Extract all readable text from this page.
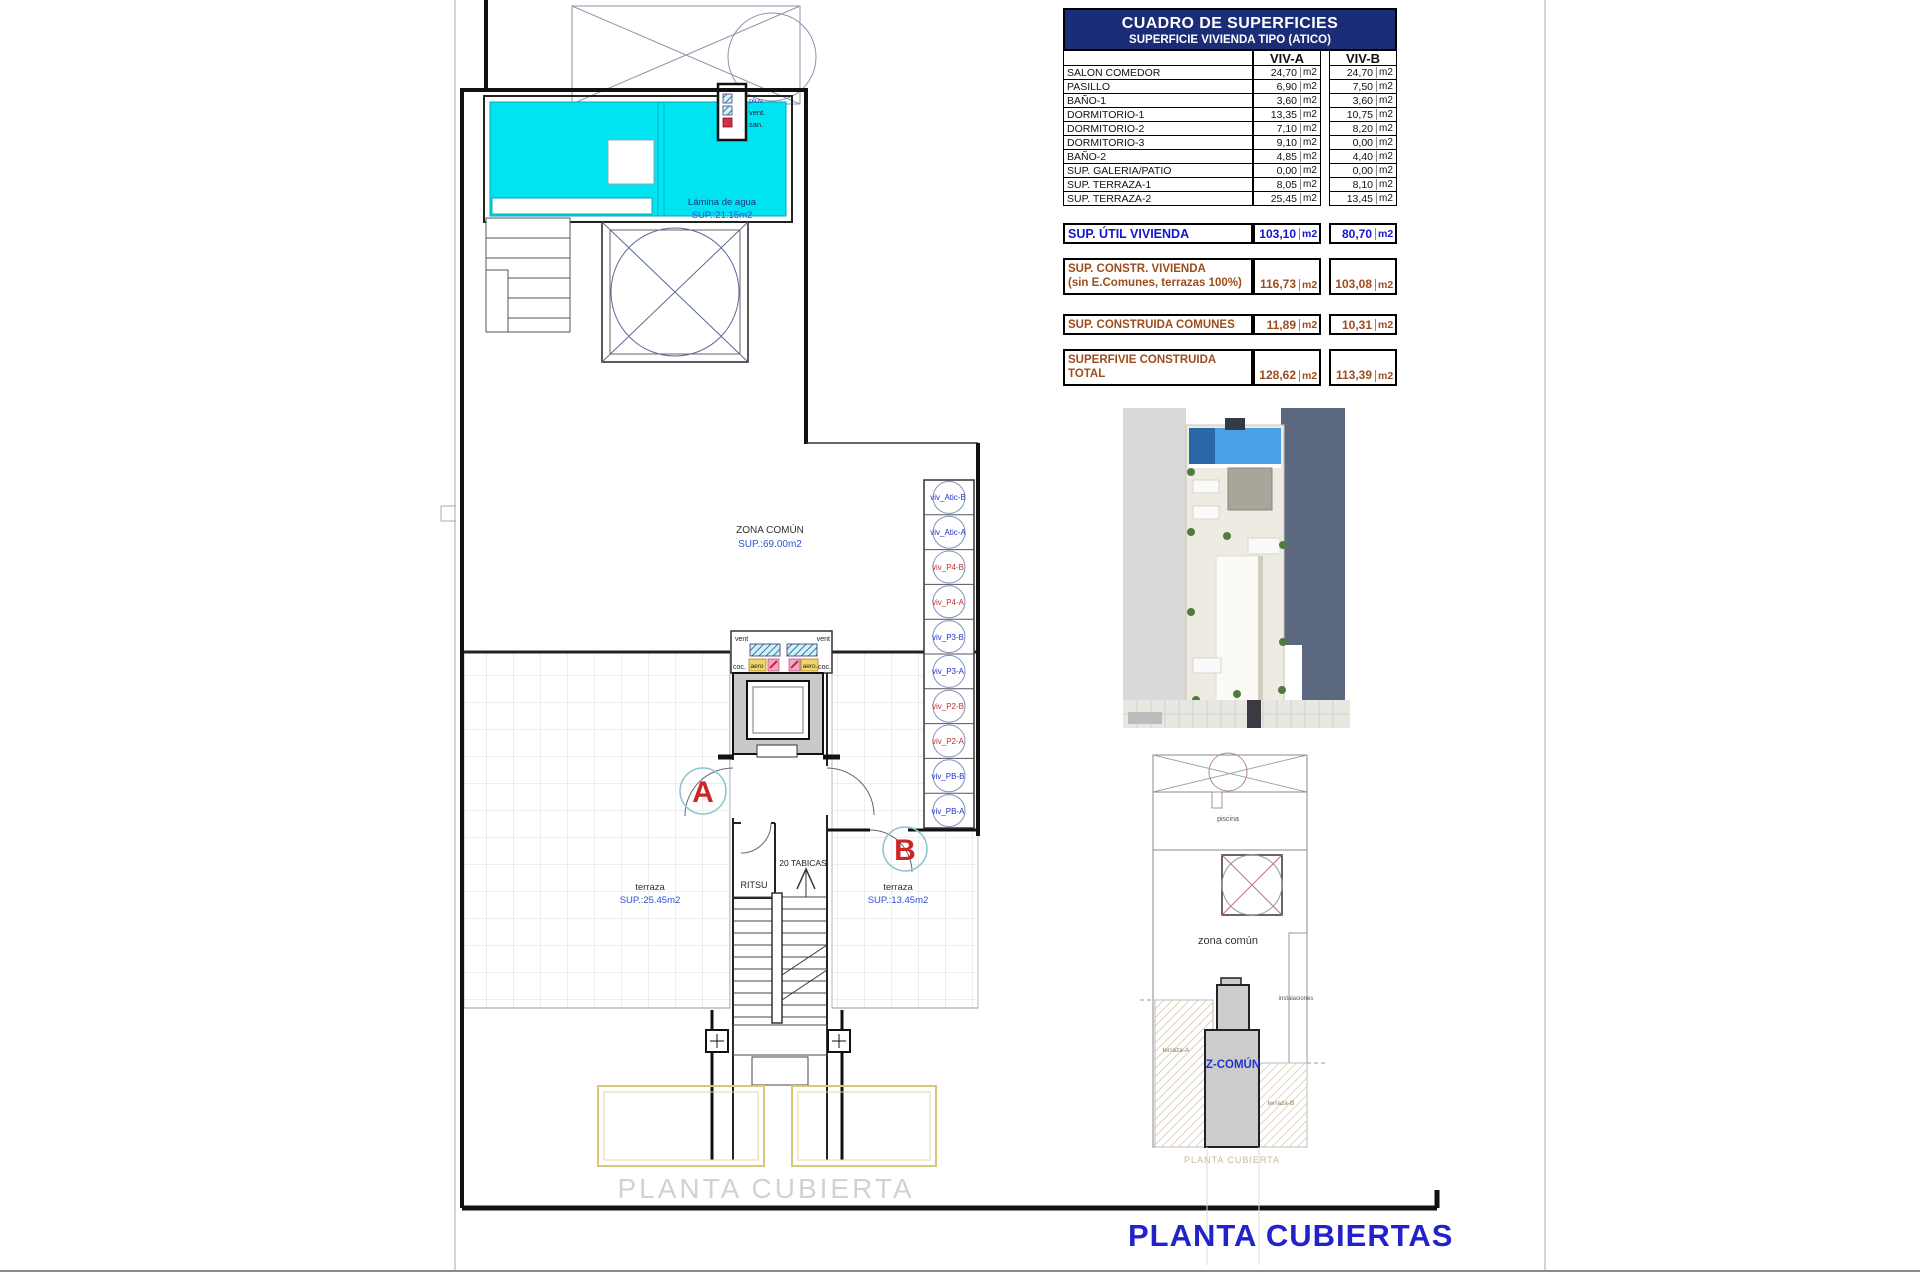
Lámina de agua
SUP.:21.15m2
pluv.
vent.
san.
ZONA COMÚN
SUP.:69.00m2
vent	vent
coc.	coc.
aero	aero.
A
B
RITSU
20 TABICAS
terraza
SUP.:25.45m2
terraza
SUP.:13.45m2
viv_Atic-B
viv_Atic-A
viv_P4-B
viv_P4-A
viv_P3-B
viv_P3-A
viv_P2-B
viv_P2-A
viv_PB-B
viv_PB-A
PLANTA CUBIERTA
piscina
zona común
instalaciones
terraza-A
terraza-B
Z-COMÚN
PLANTA CUBIERTA
CUADRO DE SUPERFICIES
SUPERFICIE VIVIENDA TIPO (ATICO)
VIV-A	VIV-B
SALON COMEDOR	24,70 m2	24,70 m2
PASILLO	6,90 m2	7,50 m2
BAÑO-1	3,60 m2	3,60 m2
DORMITORIO-1	13,35 m2	10,75 m2
DORMITORIO-2	7,10 m2	8,20 m2
DORMITORIO-3	9,10 m2	0,00 m2
BAÑO-2	4,85 m2	4,40 m2
SUP. GALERIA/PATIO	0,00 m2	0,00 m2
SUP. TERRAZA-1	8,05 m2	8,10 m2
SUP. TERRAZA-2	25,45 m2	13,45 m2
SUP. ÚTIL VIVIENDA	103,10 m2	80,70 m2
SUP. CONSTR. VIVIENDA
(sin E.Comunes, terrazas 100%)	116,73 m2	103,08 m2
SUP. CONSTRUIDA COMUNES	11,89 m2	10,31 m2
SUPERFIVIE CONSTRUIDA
TOTAL	128,62 m2	113,39 m2
PLANTA CUBIERTAS
